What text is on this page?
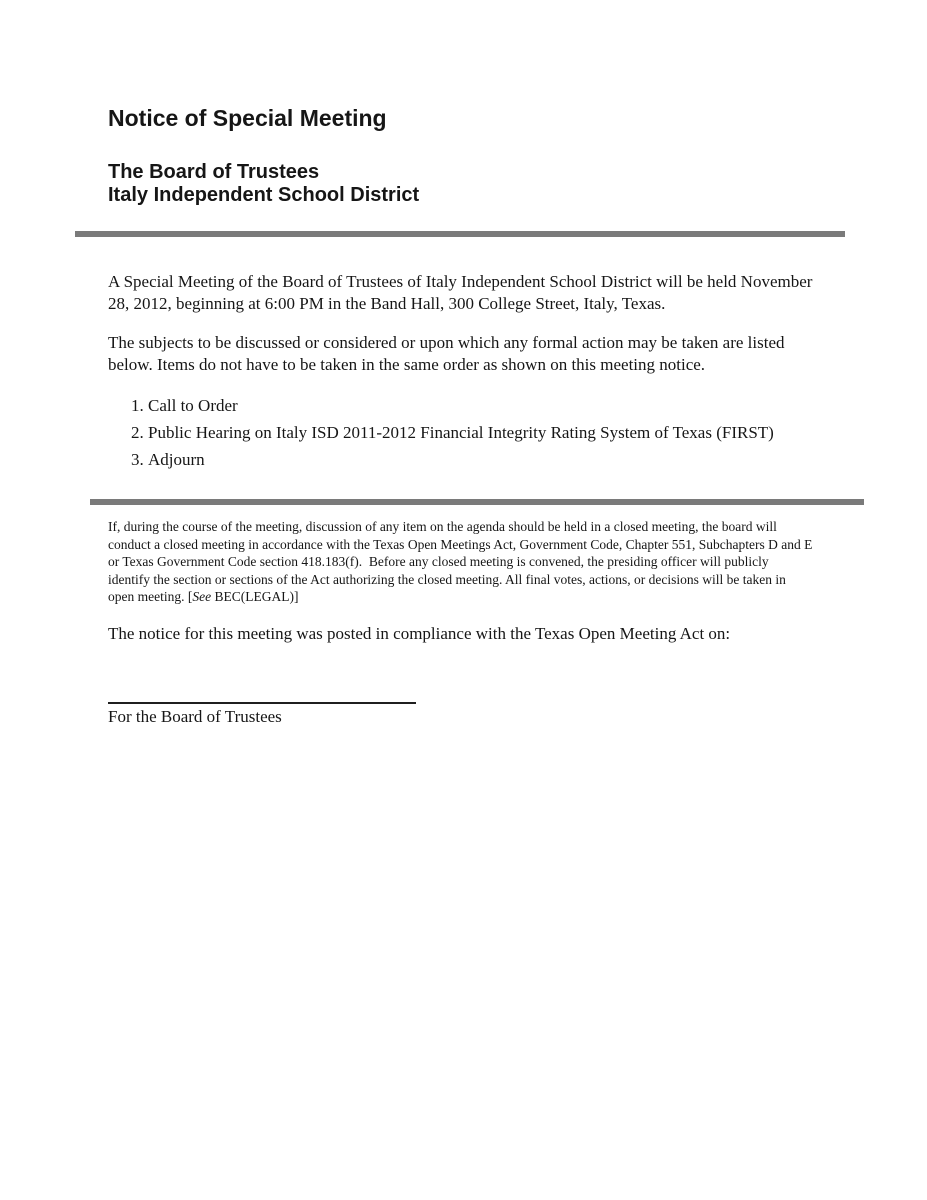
Notice of Special Meeting
The Board of Trustees
Italy Independent School District

A Special Meeting of the Board of Trustees of Italy Independent School District will be held November 28, 2012, beginning at 6:00 PM in the Band Hall, 300 College Street, Italy, Texas.

The subjects to be discussed or considered or upon which any formal action may be taken are listed below. Items do not have to be taken in the same order as shown on this meeting notice.

1. Call to Order
2. Public Hearing on Italy ISD 2011-2012 Financial Integrity Rating System of Texas (FIRST)
3. Adjourn

If, during the course of the meeting, discussion of any item on the agenda should be held in a closed meeting, the board will conduct a closed meeting in accordance with the Texas Open Meetings Act, Government Code, Chapter 551, Subchapters D and E or Texas Government Code section 418.183(f).  Before any closed meeting is convened, the presiding officer will publicly identify the section or sections of the Act authorizing the closed meeting. All final votes, actions, or decisions will be taken in open meeting. [See BEC(LEGAL)]

The notice for this meeting was posted in compliance with the Texas Open Meeting Act on:

For the Board of Trustees
